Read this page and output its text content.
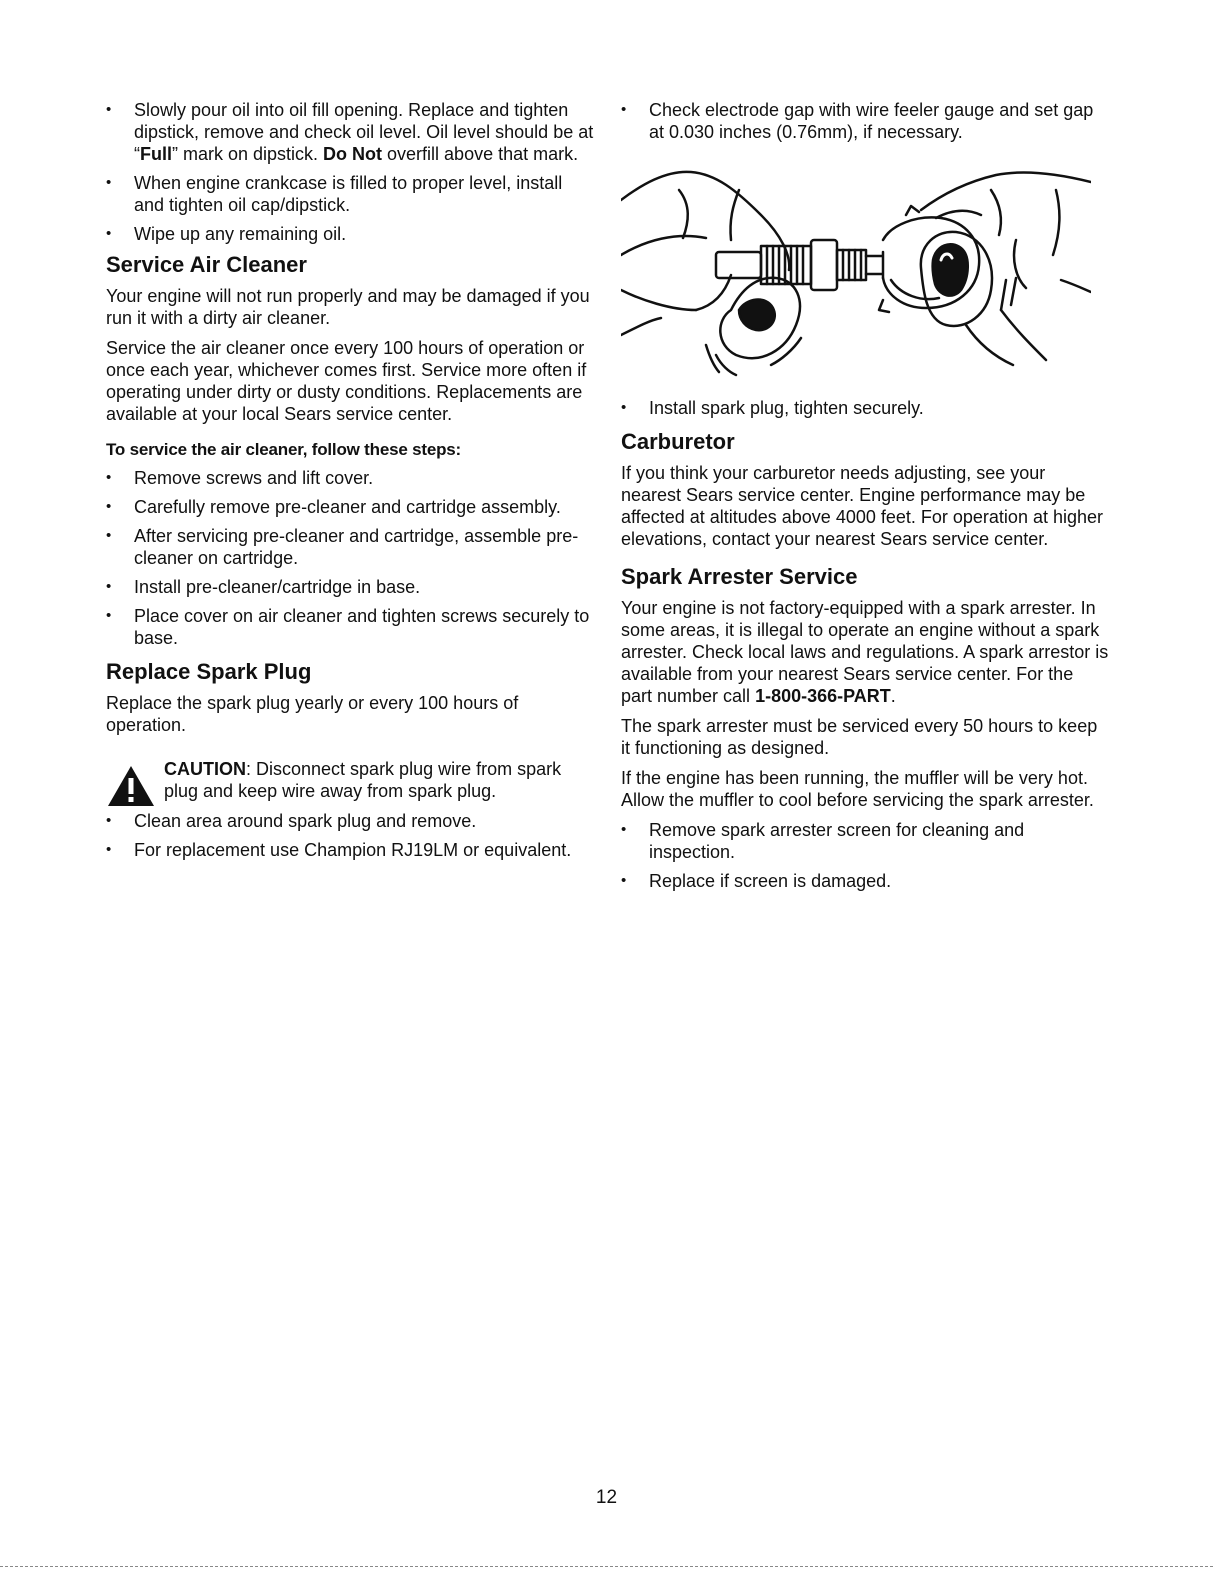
• Slowly pour oil into oil fill opening. Replace and tighten dipstick, remove and check oil level. Oil level should be at “Full” mark on dipstick. Do Not overfill above that mark.
• When engine crankcase is filled to proper level, install and tighten oil cap/dipstick.
• Wipe up any remaining oil.
Service Air Cleaner

Your engine will not run properly and may be damaged if you run it with a dirty air cleaner.

Service the air cleaner once every 100 hours of operation or once each year, whichever comes first. Service more often if operating under dirty or dusty conditions. Replacements are available at your local Sears service center.

To service the air cleaner, follow these steps:
• Remove screws and lift cover.
• Carefully remove pre-cleaner and cartridge assembly.
• After servicing pre-cleaner and cartridge, assemble pre-cleaner on cartridge.
• Install pre-cleaner/cartridge in base.
• Place cover on air cleaner and tighten screws securely to base.
Replace Spark Plug

Replace the spark plug yearly or every 100 hours of operation.

CAUTION: Disconnect spark plug wire from spark plug and keep wire away from spark plug.
• Clean area around spark plug and remove.
• For replacement use Champion RJ19LM or equivalent.
• Check electrode gap with wire feeler gauge and set gap at 0.030 inches (0.76mm), if necessary.
• Install spark plug, tighten securely.
Carburetor

If you think your carburetor needs adjusting, see your nearest Sears service center. Engine performance may be affected at altitudes above 4000 feet. For operation at higher elevations, contact your nearest Sears service center.

Spark Arrester Service

Your engine is not factory-equipped with a spark arrester. In some areas, it is illegal to operate an engine without a spark arrester. Check local laws and regulations. A spark arrestor is available from your nearest Sears service center. For the part number call 1-800-366-PART.

The spark arrester must be serviced every 50 hours to keep it functioning as designed.

If the engine has been running, the muffler will be very hot. Allow the muffler to cool before servicing the spark arrester.

• Remove spark arrester screen for cleaning and inspection.
• Replace if screen is damaged.
12
